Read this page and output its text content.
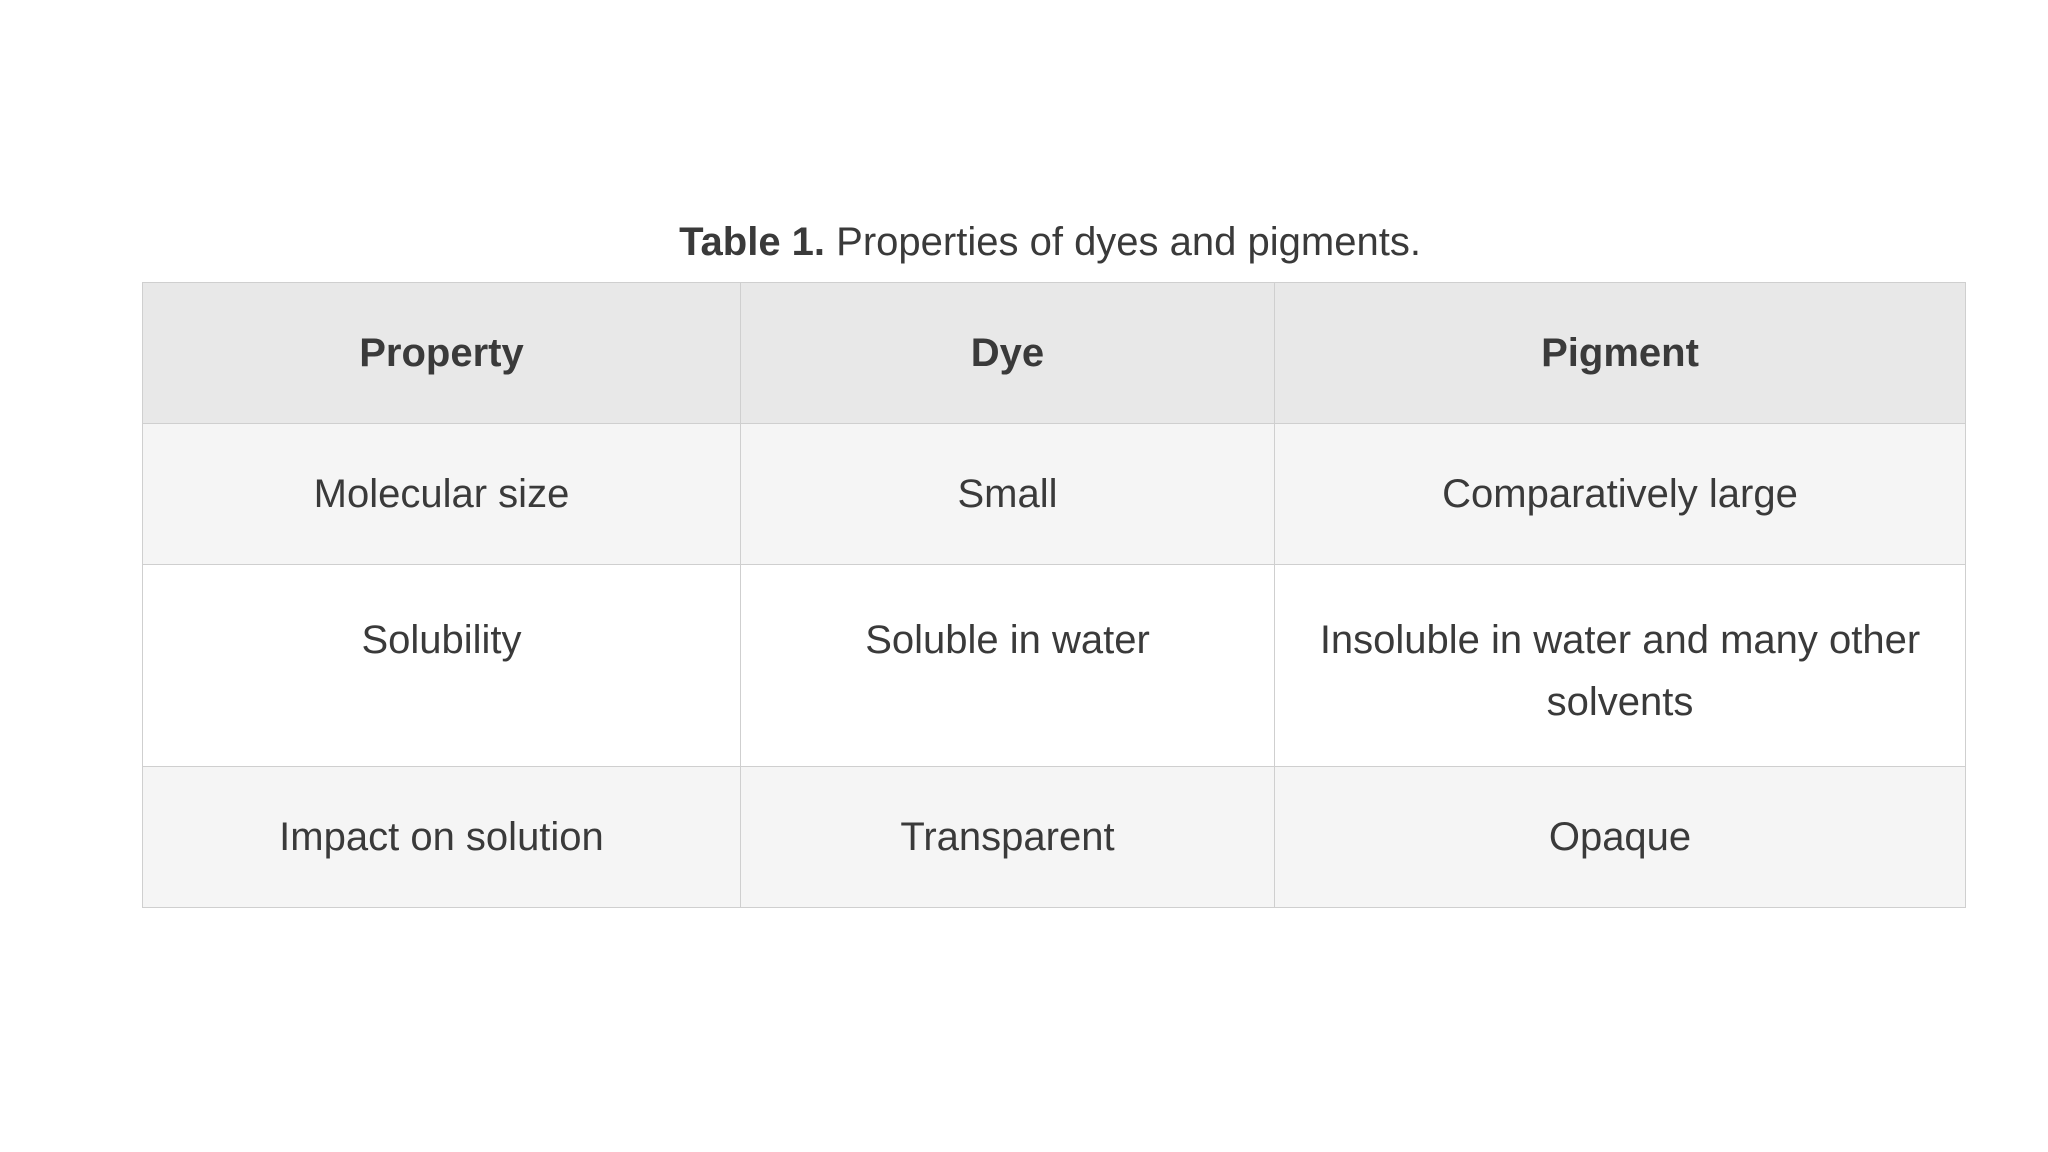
Table 1. Properties of dyes and pigments.
Property	Dye	Pigment
Molecular size	Small	Comparatively large
Solubility	Soluble in water	Insoluble in water and many other solvents
Impact on solution	Transparent	Opaque
